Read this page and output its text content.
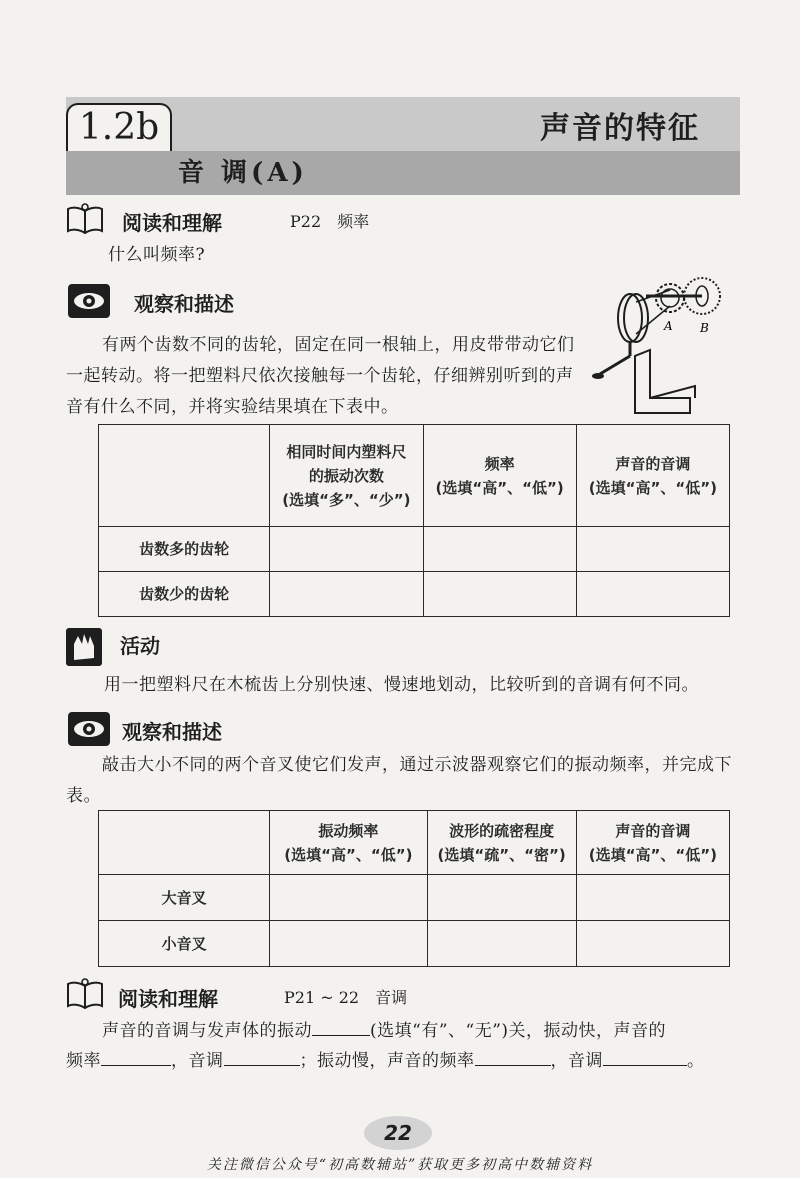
1.2b	声音的特征
音 调(A)
阅读和理解	P22　频率
什么叫频率?
观察和描述
有两个齿数不同的齿轮，固定在同一根轴上，用皮带带动它们一起转动。将一把塑料尺依次接触每一个齿轮，仔细辨别听到的声音有什么不同，并将实验结果填在下表中。
A B

	相同时间内塑料尺
的振动次数
(选填“多”、“少”)	频率
(选填“高”、“低”)	声音的音调
(选填“高”、“低”)

齿数多的齿轮			
齿数少的齿轮			
活动
用一把塑料尺在木梳齿上分别快速、慢速地划动，比较听到的音调有何不同。
观察和描述
敲击大小不同的两个音叉使它们发声，通过示波器观察它们的振动频率，并完成下表。

	振动频率
(选填“高”、“低”)	波形的疏密程度
(选填“疏”、“密”)	声音的音调
(选填“高”、“低”)

大音叉			
小音叉			
阅读和理解	P21 ~ 22　音调
声音的音调与发声体的振动	(选填“有”、“无”)关，振动快，声音的
频率	，音调	；振动慢，声音的频率	，音调	。
22
关注微信公众号“初高数辅站”获取更多初高中数辅资料
